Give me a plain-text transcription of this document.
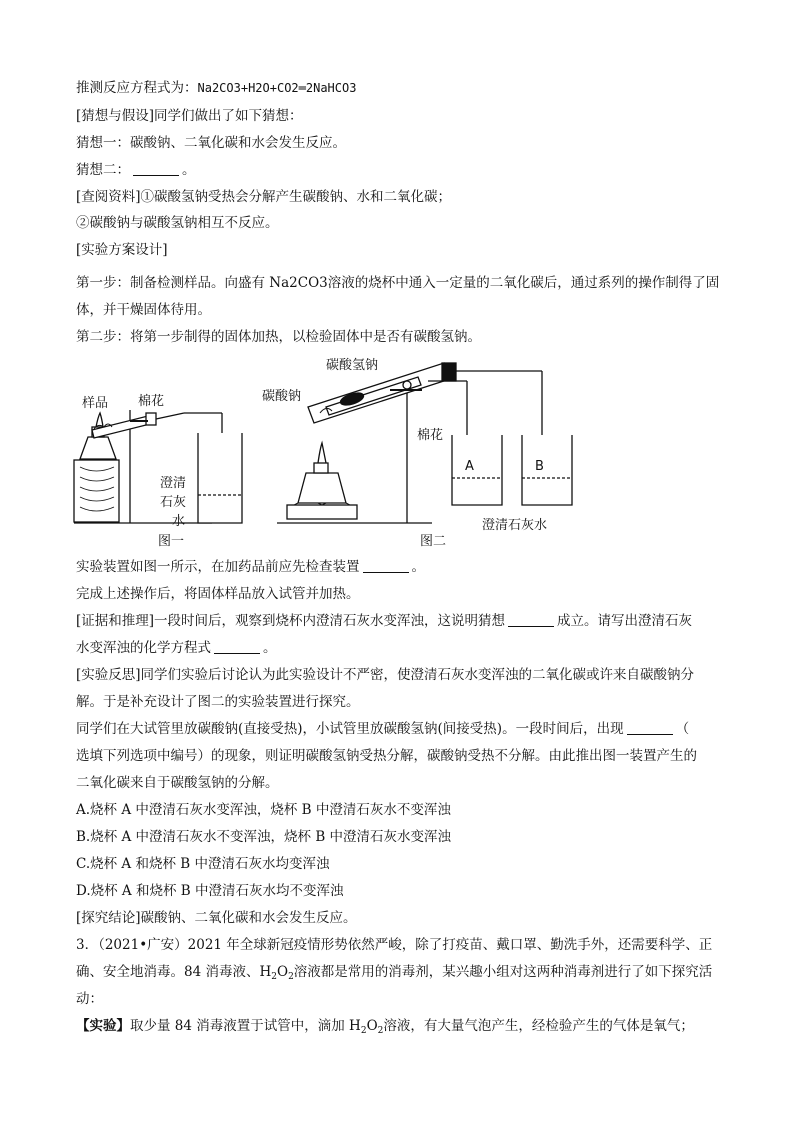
推测反应方程式为：Na2CO3+H2O+CO2═2NaHCO3
[猜想与假设]同学们做出了如下猜想：
猜想一：碳酸钠、二氧化碳和水会发生反应。
猜想二：	。
[查阅资料]①碳酸氢钠受热会分解产生碳酸钠、水和二氧化碳；
②碳酸钠与碳酸氢钠相互不反应。
[实验方案设计]
第一步：制备检测样品。向盛有 Na2CO3溶液的烧杯中通入一定量的二氧化碳后，通过系列的操作制得了固
体，并干燥固体待用。
第二步：将第一步制得的固体加热，以检验固体中是否有碳酸氢钠。
样品 棉花
澄清
石灰
水
图一
碳酸氢钠
碳酸钠
棉花
A	B
澄清石灰水
图二
实验装置如图一所示，在加药品前应先检查装置	。
完成上述操作后，将固体样品放入试管并加热。
[证据和推理]一段时间后，观察到烧杯内澄清石灰水变浑浊，这说明猜想	成立。请写出澄清石灰
水变浑浊的化学方程式	。
[实验反思]同学们实验后讨论认为此实验设计不严密，使澄清石灰水变浑浊的二氧化碳或许来自碳酸钠分
解。于是补充设计了图二的实验装置进行探究。
同学们在大试管里放碳酸钠(直接受热)，小试管里放碳酸氢钠(间接受热)。一段时间后，出现	（
选填下列选项中编号）的现象，则证明碳酸氢钠受热分解，碳酸钠受热不分解。由此推出图一装置产生的
二氧化碳来自于碳酸氢钠的分解。
A.烧杯 A 中澄清石灰水变浑浊，烧杯 B 中澄清石灰水不变浑浊
B.烧杯 A 中澄清石灰水不变浑浊，烧杯 B 中澄清石灰水变浑浊
C.烧杯 A 和烧杯 B 中澄清石灰水均变浑浊
D.烧杯 A 和烧杯 B 中澄清石灰水均不变浑浊
[探究结论]碳酸钠、二氧化碳和水会发生反应。
3．（2021•广安）2021 年全球新冠疫情形势依然严峻，除了打疫苗、戴口罩、勤洗手外，还需要科学、正
确、安全地消毒。84 消毒液、$H_2O_2$溶液都是常用的消毒剂，某兴趣小组对这两种消毒剂进行了如下探究活
动：
【实验】取少量 84 消毒液置于试管中，滴加 $H_2O_2$溶液，有大量气泡产生，经检验产生的气体是氧气；
